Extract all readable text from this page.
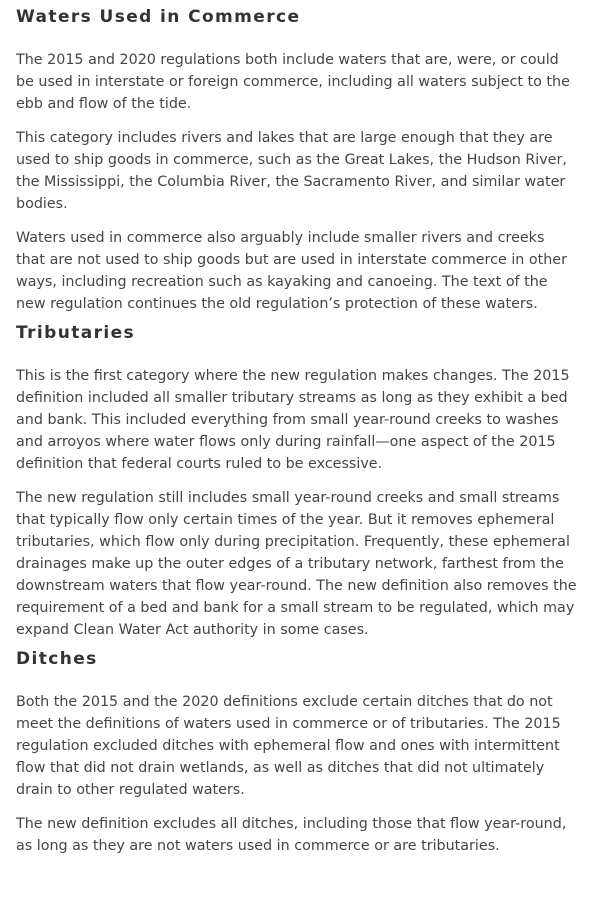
Waters Used in Commerce

The 2015 and 2020 regulations both include waters that are, were, or could be used in interstate or foreign commerce, including all waters subject to the ebb and flow of the tide.

This category includes rivers and lakes that are large enough that they are used to ship goods in commerce, such as the Great Lakes, the Hudson River, the Mississippi, the Columbia River, the Sacramento River, and similar water bodies.

Waters used in commerce also arguably include smaller rivers and creeks that are not used to ship goods but are used in interstate commerce in other ways, including recreation such as kayaking and canoeing. The text of the new regulation continues the old regulation’s protection of these waters.

Tributaries

This is the first category where the new regulation makes changes. The 2015 definition included all smaller tributary streams as long as they exhibit a bed and bank. This included everything from small year-round creeks to washes and arroyos where water flows only during rainfall—one aspect of the 2015 definition that federal courts ruled to be excessive.

The new regulation still includes small year-round creeks and small streams that typically flow only certain times of the year. But it removes ephemeral tributaries, which flow only during precipitation. Frequently, these ephemeral drainages make up the outer edges of a tributary network, farthest from the downstream waters that flow year-round. The new definition also removes the requirement of a bed and bank for a small stream to be regulated, which may expand Clean Water Act authority in some cases.

Ditches

Both the 2015 and the 2020 definitions exclude certain ditches that do not meet the definitions of waters used in commerce or of tributaries. The 2015 regulation excluded ditches with ephemeral flow and ones with intermittent flow that did not drain wetlands, as well as ditches that did not ultimately drain to other regulated waters.

The new definition excludes all ditches, including those that flow year-round, as long as they are not waters used in commerce or are tributaries.
